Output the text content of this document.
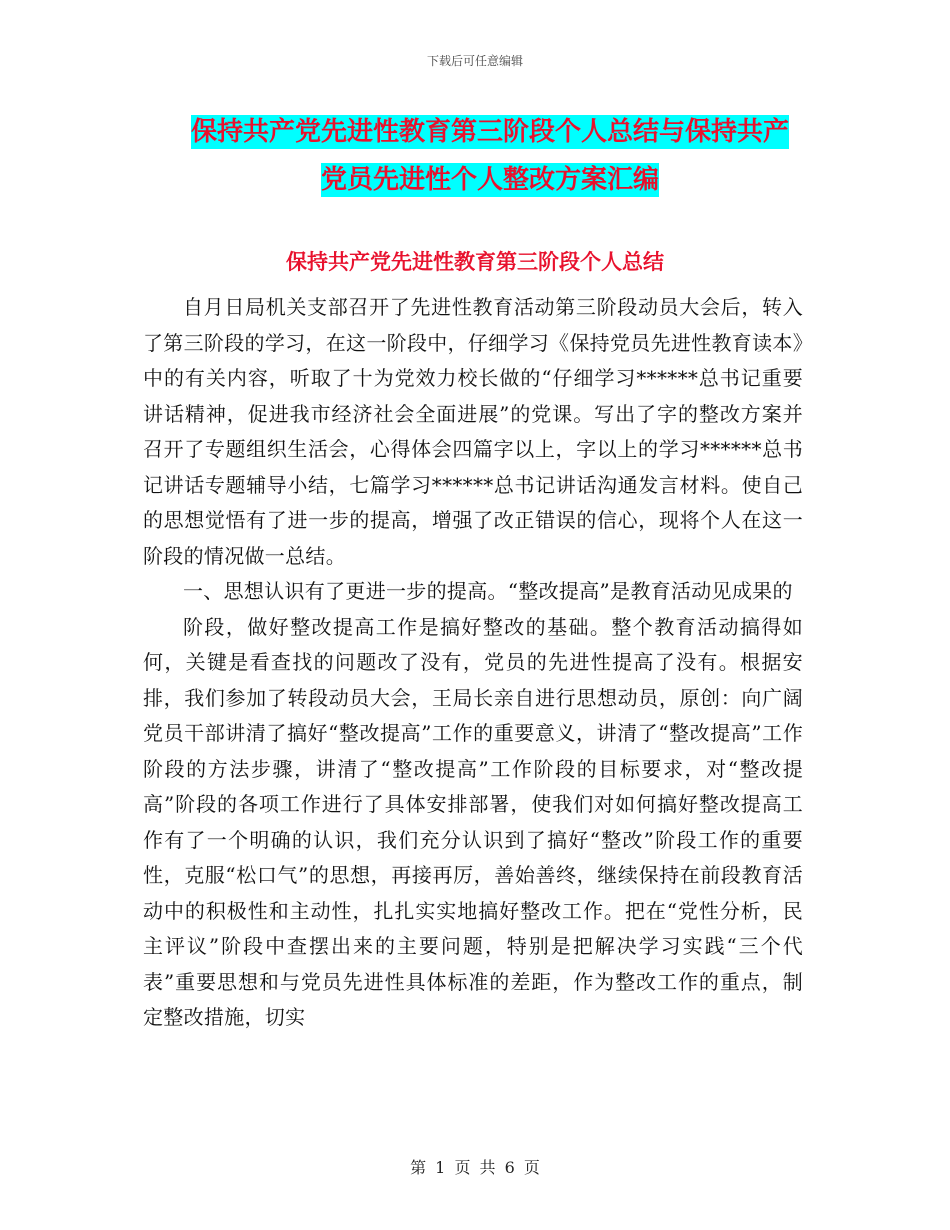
下载后可任意编辑
保持共产党先进性教育第三阶段个人总结与保持共产
党员先进性个人整改方案汇编
保持共产党先进性教育第三阶段个人总结

自月日局机关支部召开了先进性教育活动第三阶段动员大会后，转入了第三阶段的学习，在这一阶段中，仔细学习《保持党员先进性教育读本》中的有关内容，听取了十为党效力校长做的“仔细学习******总书记重要讲话精神，促进我市经济社会全面进展”的党课。写出了字的整改方案并召开了专题组织生活会，心得体会四篇字以上，字以上的学习******总书记讲话专题辅导小结，七篇学习******总书记讲话沟通发言材料。使自己的思想觉悟有了进一步的提高，增强了改正错误的信心，现将个人在这一阶段的情况做一总结。

一、思想认识有了更进一步的提高。“整改提高”是教育活动见成果的

阶段，做好整改提高工作是搞好整改的基础。整个教育活动搞得如何，关键是看查找的问题改了没有，党员的先进性提高了没有。根据安排，我们参加了转段动员大会，王局长亲自进行思想动员，原创：向广阔党员干部讲清了搞好“整改提高”工作的重要意义，讲清了“整改提高”工作阶段的方法步骤，讲清了“整改提高”工作阶段的目标要求，对“整改提高”阶段的各项工作进行了具体安排部署，使我们对如何搞好整改提高工作有了一个明确的认识，我们充分认识到了搞好“整改”阶段工作的重要性，克服“松口气”的思想，再接再厉，善始善终，继续保持在前段教育活动中的积极性和主动性，扎扎实实地搞好整改工作。把在“党性分析，民主评议”阶段中查摆出来的主要问题，特别是把解决学习实践“三个代表”重要思想和与党员先进性具体标准的差距，作为整改工作的重点，制定整改措施，切实

第 1 页 共 6 页
